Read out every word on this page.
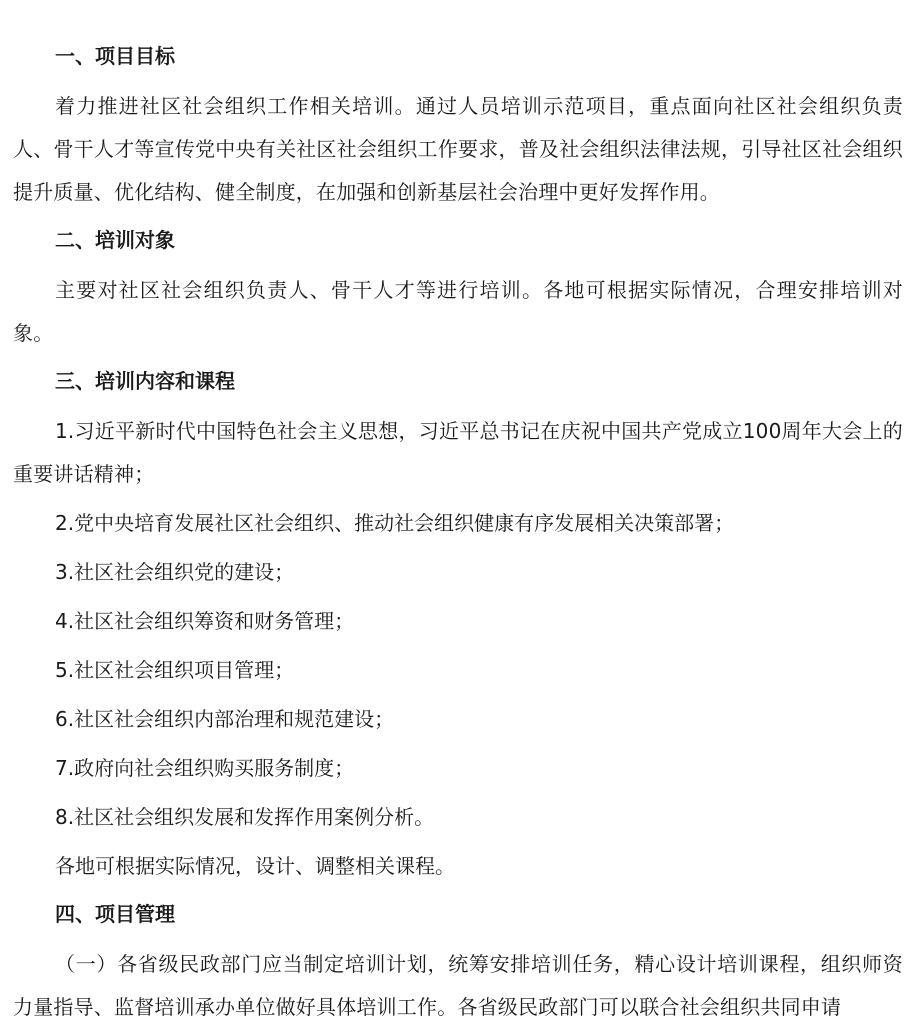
一、项目目标

着力推进社区社会组织工作相关培训。通过人员培训示范项目，重点面向社区社会组织负责人、骨干人才等宣传党中央有关社区社会组织工作要求，普及社会组织法律法规，引导社区社会组织提升质量、优化结构、健全制度，在加强和创新基层社会治理中更好发挥作用。

二、培训对象

主要对社区社会组织负责人、骨干人才等进行培训。各地可根据实际情况，合理安排培训对象。

三、培训内容和课程

1.习近平新时代中国特色社会主义思想，习近平总书记在庆祝中国共产党成立100周年大会上的重要讲话精神；

2.党中央培育发展社区社会组织、推动社会组织健康有序发展相关决策部署；

3.社区社会组织党的建设；

4.社区社会组织筹资和财务管理；

5.社区社会组织项目管理；

6.社区社会组织内部治理和规范建设；

7.政府向社会组织购买服务制度；

8.社区社会组织发展和发挥作用案例分析。

各地可根据实际情况，设计、调整相关课程。

四、项目管理

（一）各省级民政部门应当制定培训计划，统筹安排培训任务，精心设计培训课程，组织师资力量指导、监督培训承办单位做好具体培训工作。各省级民政部门可以联合社会组织共同申请
